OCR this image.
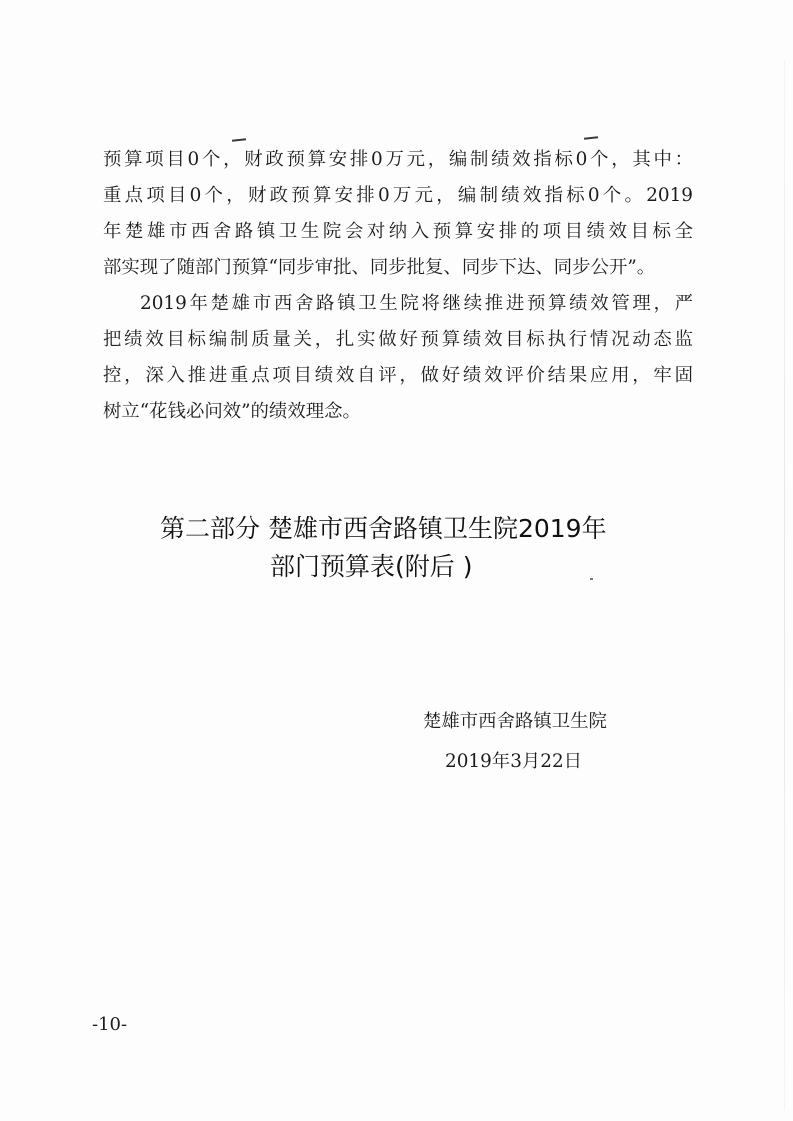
预算项目0个，财政预算安排0万元，编制绩效指标0个，其中：
重点项目0个，财政预算安排0万元，编制绩效指标0个。2019
年楚雄市西舍路镇卫生院会对纳入预算安排的项目绩效目标全
部实现了随部门预算“同步审批、同步批复、同步下达、同步公开”。
2019年楚雄市西舍路镇卫生院将继续推进预算绩效管理，严
把绩效目标编制质量关，扎实做好预算绩效目标执行情况动态监
控，深入推进重点项目绩效自评，做好绩效评价结果应用，牢固
树立“花钱必问效”的绩效理念。
第二部分 楚雄市西舍路镇卫生院2019年
部门预算表(附后 )
楚雄市西舍路镇卫生院
2019年3月22日
-10-
